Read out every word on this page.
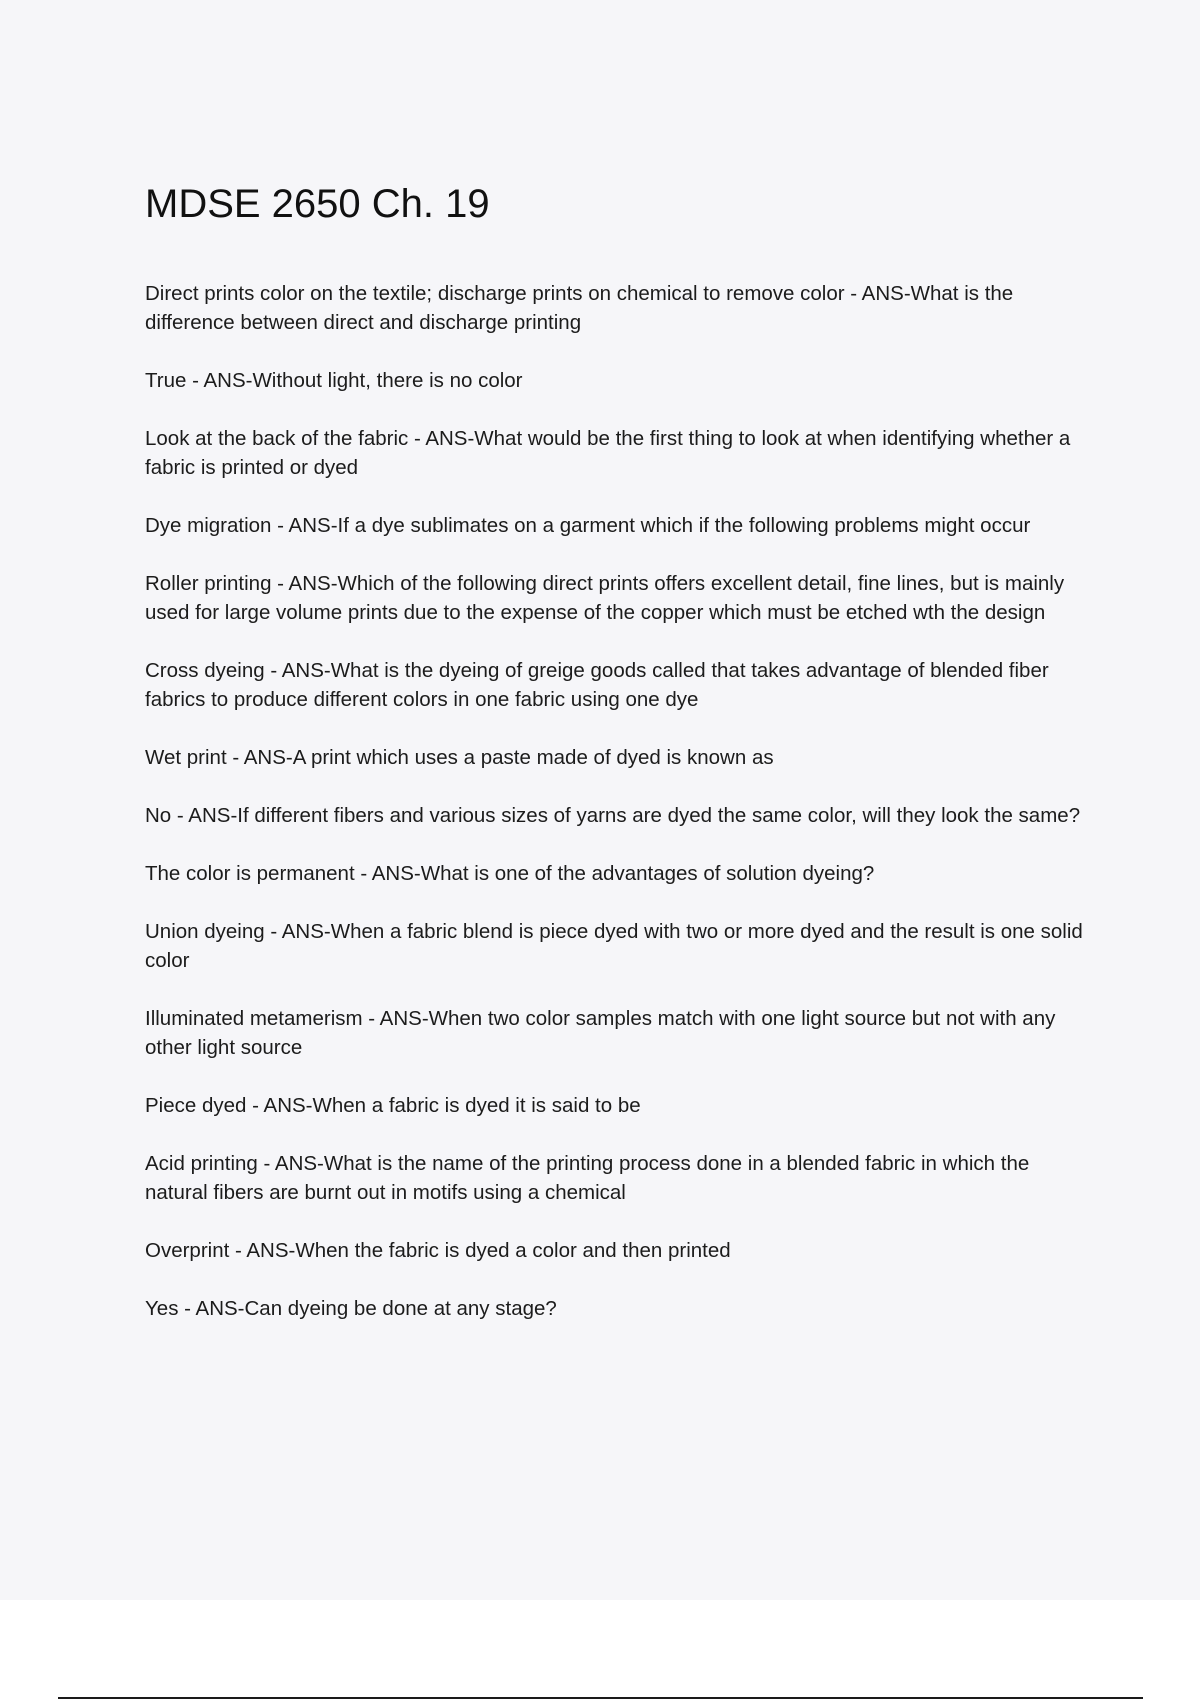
MDSE 2650 Ch. 19
Direct prints color on the textile; discharge prints on chemical to remove color - ANS-What is the difference between direct and discharge printing
True - ANS-Without light, there is no color
Look at the back of the fabric - ANS-What would be the first thing to look at when identifying whether a fabric is printed or dyed
Dye migration - ANS-If a dye sublimates on a garment which if the following problems might occur
Roller printing - ANS-Which of the following direct prints offers excellent detail, fine lines, but is mainly used for large volume prints due to the expense of the copper which must be etched wth the design
Cross dyeing - ANS-What is the dyeing of greige goods called that takes advantage of blended fiber fabrics to produce different colors in one fabric using one dye
Wet print - ANS-A print which uses a paste made of dyed is known as
No - ANS-If different fibers and various sizes of yarns are dyed the same color, will they look the same?
The color is permanent - ANS-What is one of the advantages of solution dyeing?
Union dyeing - ANS-When a fabric blend is piece dyed with two or more dyed and the result is one solid color
Illuminated metamerism - ANS-When two color samples match with one light source but not with any other light source
Piece dyed - ANS-When a fabric is dyed it is said to be
Acid printing - ANS-What is the name of the printing process done in a blended fabric in which the natural fibers are burnt out in motifs using a chemical
Overprint - ANS-When the fabric is dyed a color and then printed
Yes - ANS-Can dyeing be done at any stage?
